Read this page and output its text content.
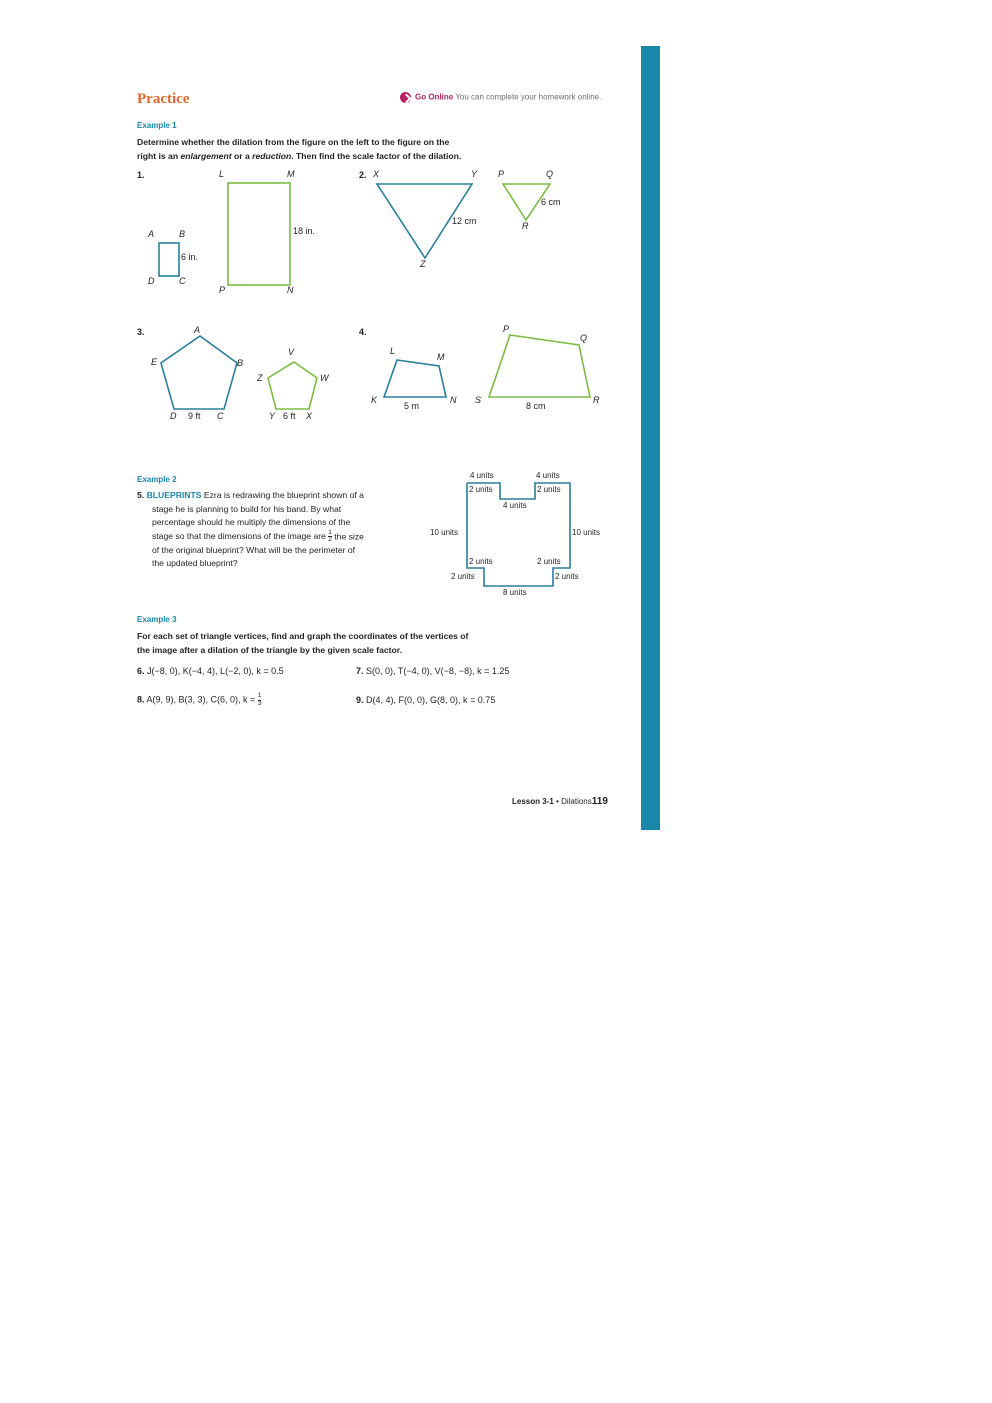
Practice	Go Online You can complete your homework online.
Example 1
Determine whether the dilation from the figure on the left to the figure on the
right is an enlargement or a reduction. Then find the scale factor of the dilation.
1.	L	M
A	B
D	C
P	N
6 in.
18 in.
2. X	Y
Z
P	Q
R
12 cm
6 cm
3.	A
B
C
D
E
9 ft
V
W
X
Y 6 ft
Z
4.
K
L
M
N
5 m
P
Q
R
S
8 cm
Example 2
5. BLUEPRINTS Ezra is redrawing the blueprint shown of a
stage he is planning to build for his band. By what
percentage should he multiply the dimensions of the
stage so that the dimensions of the image are $\frac{1}{2}$ the size
of the original blueprint? What will be the perimeter of
the updated blueprint?
4 units	4 units
2 units	2 units
4 units
10 units	10 units
2 units	2 units
2 units	2 units
8 units
Example 3
For each set of triangle vertices, find and graph the coordinates of the vertices of
the image after a dilation of the triangle by the given scale factor.
6. J(−8, 0), K(−4, 4), L(−2, 0), k = 0.5	7. S(0, 0), T(−4, 0), V(−8, −8), k = 1.25
8. A(9, 9), B(3, 3), C(6, 0), $k = \frac{1}{3}$	9. D(4, 4), F(0, 0), G(8, 0), k = 0.75
Lesson 3-1 • Dilations119
